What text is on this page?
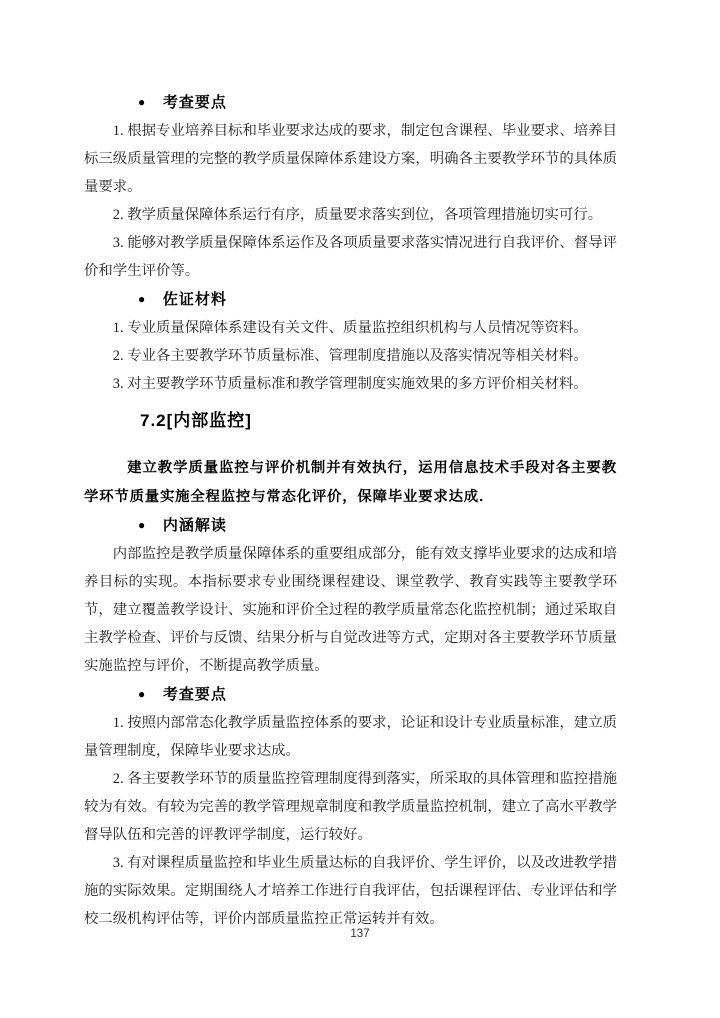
● 考查要点

1. 根据专业培养目标和毕业要求达成的要求，制定包含课程、毕业要求、培养目标三级质量管理的完整的教学质量保障体系建设方案，明确各主要教学环节的具体质量要求。

2. 教学质量保障体系运行有序，质量要求落实到位，各项管理措施切实可行。

3. 能够对教学质量保障体系运作及各项质量要求落实情况进行自我评价、督导评价和学生评价等。

● 佐证材料

1. 专业质量保障体系建设有关文件、质量监控组织机构与人员情况等资料。

2. 专业各主要教学环节质量标准、管理制度措施以及落实情况等相关材料。

3. 对主要教学环节质量标准和教学管理制度实施效果的多方评价相关材料。

7.2[内部监控]

建立教学质量监控与评价机制并有效执行，运用信息技术手段对各主要教学环节质量实施全程监控与常态化评价，保障毕业要求达成．

● 内涵解读

内部监控是教学质量保障体系的重要组成部分，能有效支撑毕业要求的达成和培养目标的实现。本指标要求专业围绕课程建设、课堂教学、教育实践等主要教学环节，建立覆盖教学设计、实施和评价全过程的教学质量常态化监控机制；通过采取自主教学检查、评价与反馈、结果分析与自觉改进等方式，定期对各主要教学环节质量实施监控与评价，不断提高教学质量。

● 考查要点

1. 按照内部常态化教学质量监控体系的要求，论证和设计专业质量标准，建立质量管理制度，保障毕业要求达成。

2. 各主要教学环节的质量监控管理制度得到落实，所采取的具体管理和监控措施较为有效。有较为完善的教学管理规章制度和教学质量监控机制，建立了高水平教学督导队伍和完善的评教评学制度，运行较好。

3. 有对课程质量监控和毕业生质量达标的自我评价、学生评价，以及改进教学措施的实际效果。定期围绕人才培养工作进行自我评估，包括课程评估、专业评估和学校二级机构评估等，评价内部质量监控正常运转并有效。

137
